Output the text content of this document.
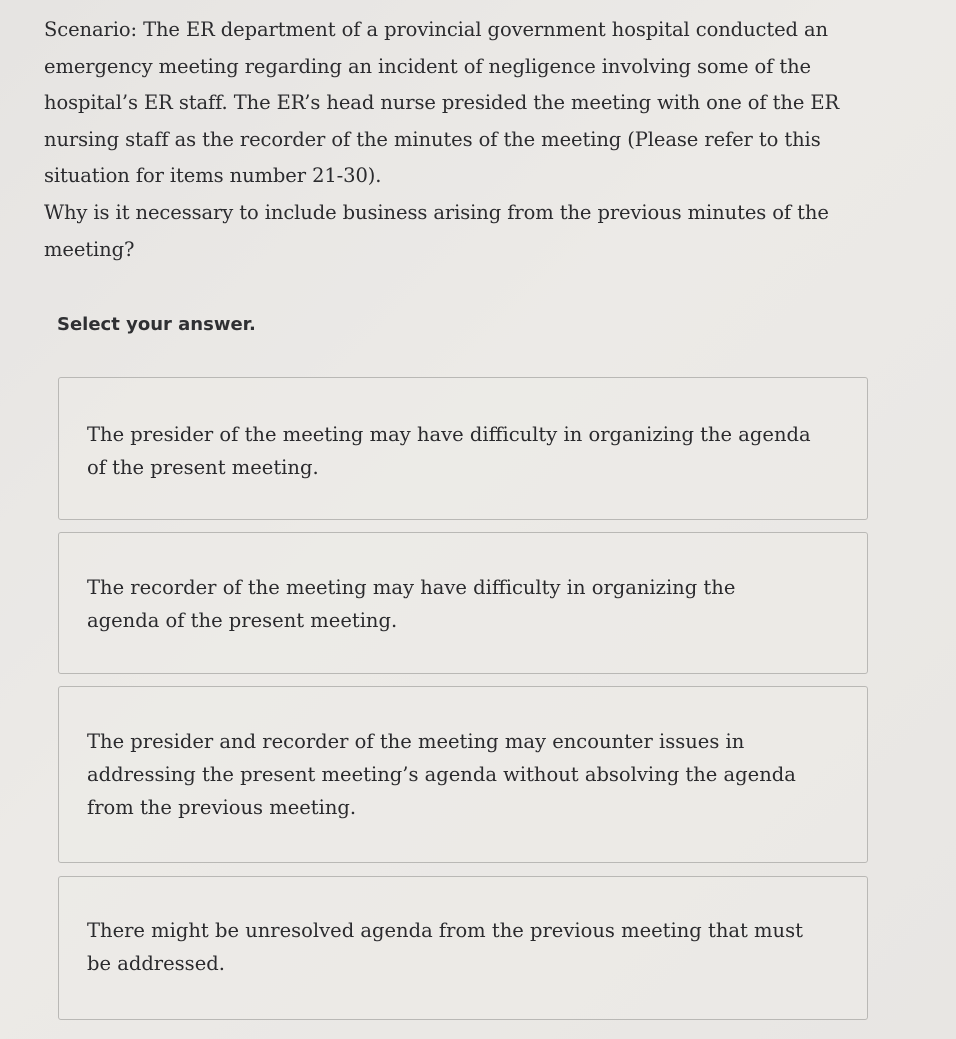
Scenario: The ER department of a provincial government hospital conducted an

emergency meeting regarding an incident of negligence involving some of the

hospital’s ER staff. The ER’s head nurse presided the meeting with one of the ER

nursing staff as the recorder of the minutes of the meeting (Please refer to this

situation for items number 21-30).

Why is it necessary to include business arising from the previous minutes of the

meeting?

Select your answer.
The presider of the meeting may have difficulty in organizing the agenda
of the present meeting.
The recorder of the meeting may have difficulty in organizing the
agenda of the present meeting.
The presider and recorder of the meeting may encounter issues in
addressing the present meeting’s agenda without absolving the agenda
from the previous meeting.
There might be unresolved agenda from the previous meeting that must
be addressed.
